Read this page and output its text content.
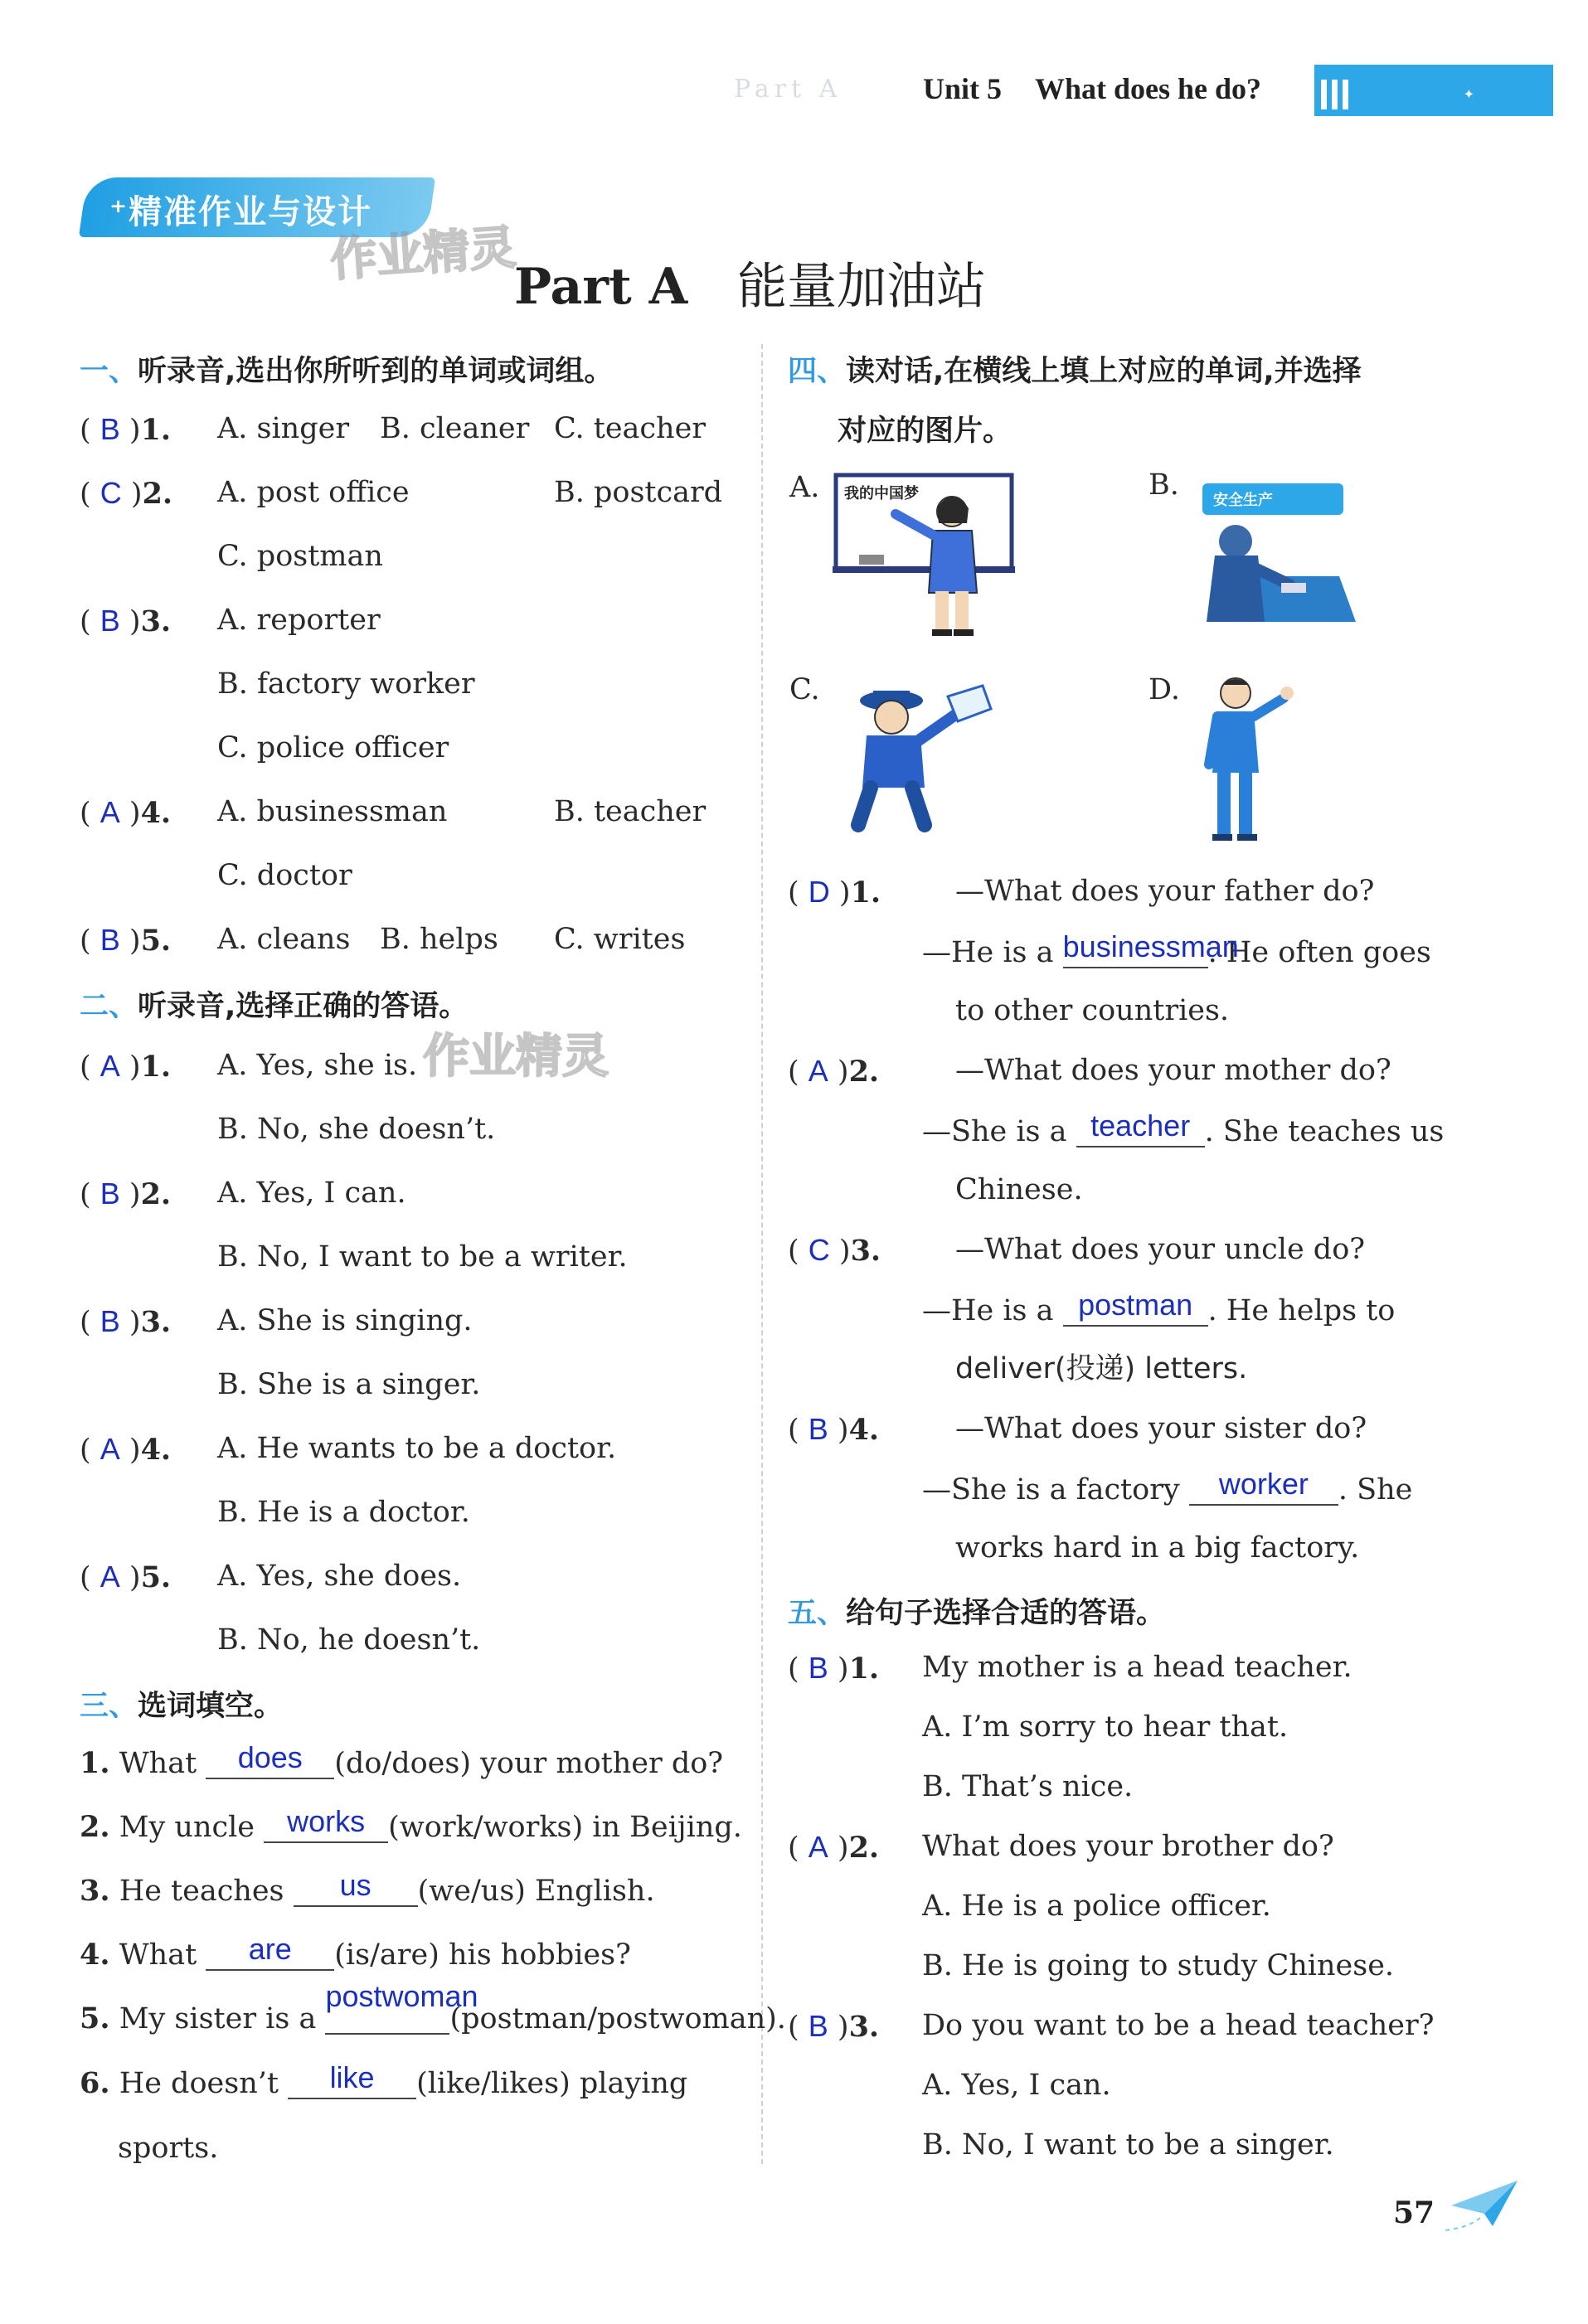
Part A	Unit 5 What does he do?	✦
⁺精准作业与设计
作业精灵
Part A 能量加油站
一、听录音,选出你所听到的单词或词组。
( B )1. A. singer B. cleaner C. teacher
( C )2. A. post office	B. postcard
C. postman
( B )3. A. reporter
B. factory worker
C. police officer
( A )4. A. businessman	B. teacher
C. doctor
( B )5. A. cleans B. helps C. writes
二、听录音,选择正确的答语。
作业精灵
( A )1. A. Yes, she is.
B. No, she doesn’t.
( B )2. A. Yes, I can.
B. No, I want to be a writer.
( B )3. A. She is singing.
B. She is a singer.
( A )4. A. He wants to be a doctor.
B. He is a doctor.
( A )5. A. Yes, she does.
B. No, he doesn’t.
三、选词填空。
1. What does (do/does) your mother do?
2. My uncle works (work/works) in Beijing.
3. He teaches us (we/us) English.
4. What are (is/are) his hobbies?
5. My sister is a postwoman(postman/postwoman).
6. He doesn’t like (like/likes) playing
sports.
四、读对话,在横线上填上对应的单词,并选择
对应的图片。
A. 我的中国梦	B. 安全生产
C.	D.
( D )1.	—What does your father do?
—He is a businessman. He often goes
to other countries.
( A )2.	—What does your mother do?
—She is a teacher . She teaches us
Chinese.
( C )3.	—What does your uncle do?
—He is a postman . He helps to
deliver(投递) letters.
( B )4.	—What does your sister do?
—She is a factory worker . She
works hard in a big factory.
五、给句子选择合适的答语。
( B )1. My mother is a head teacher.
A. I’m sorry to hear that.
B. That’s nice.
( A )2. What does your brother do?
A. He is a police officer.
B. He is going to study Chinese.
( B )3. Do you want to be a head teacher?
A. Yes, I can.
B. No, I want to be a singer.
57
